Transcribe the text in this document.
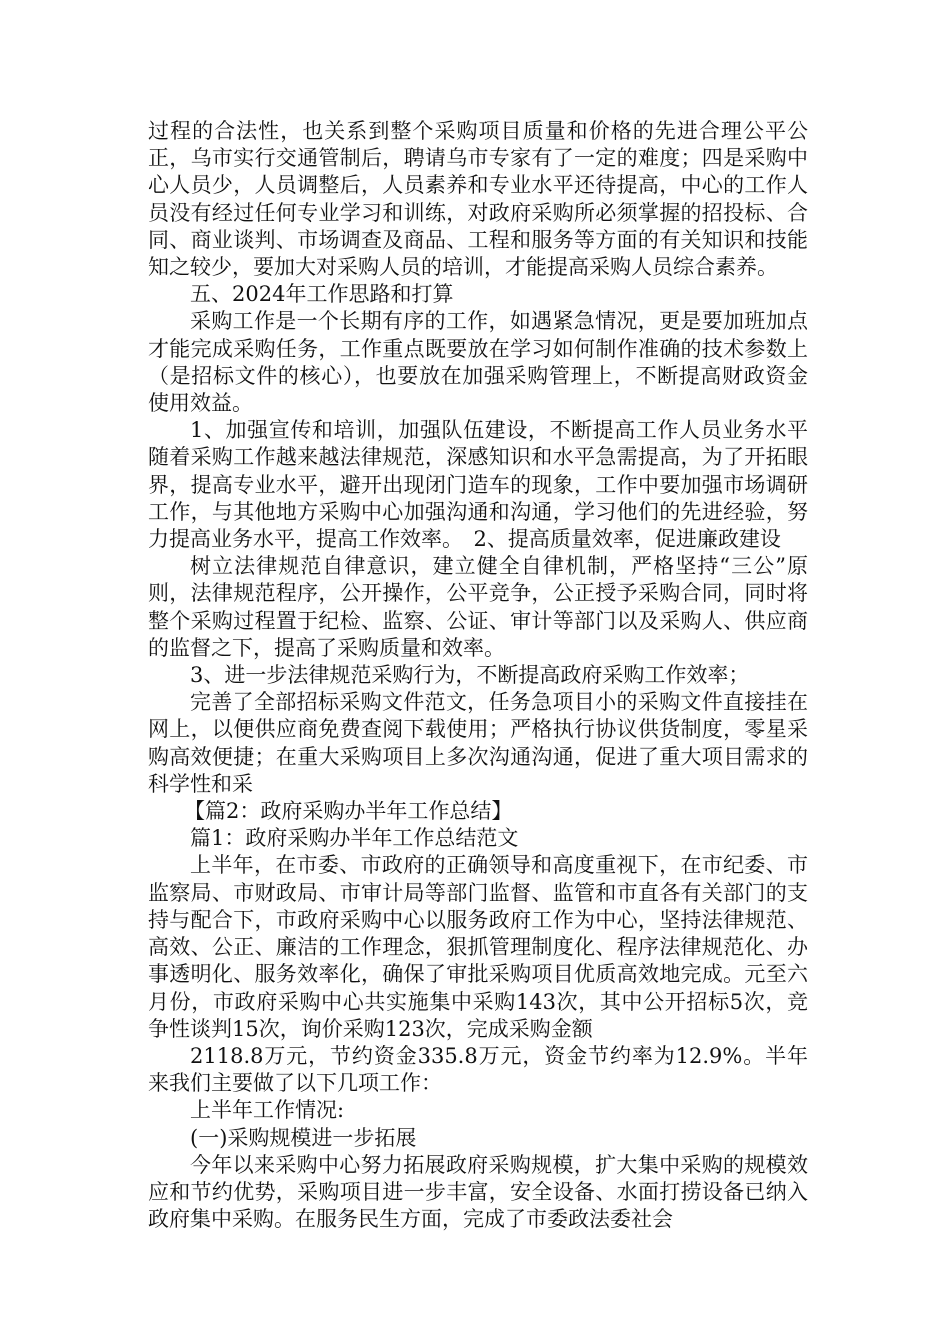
过程的合法性，也关系到整个采购项目质量和价格的先进合理公平公正，乌市实行交通管制后，聘请乌市专家有了一定的难度；四是采购中心人员少，人员调整后，人员素养和专业水平还待提高，中心的工作人员没有经过任何专业学习和训练，对政府采购所必须掌握的招投标、合同、商业谈判、市场调查及商品、工程和服务等方面的有关知识和技能知之较少，要加大对采购人员的培训，才能提高采购人员综合素养。

五、2024年工作思路和打算

采购工作是一个长期有序的工作，如遇紧急情况，更是要加班加点才能完成采购任务，工作重点既要放在学习如何制作准确的技术参数上（是招标文件的核心），也要放在加强采购管理上，不断提高财政资金使用效益。

1、加强宣传和培训，加强队伍建设，不断提高工作人员业务水平 随着采购工作越来越法律规范，深感知识和水平急需提高，为了开拓眼界，提高专业水平，避开出现闭门造车的现象，工作中要加强市场调研工作，与其他地方采购中心加强沟通和沟通，学习他们的先进经验，努力提高业务水平，提高工作效率。　2、提高质量效率，促进廉政建设

树立法律规范自律意识，建立健全自律机制，严格坚持“三公”原则，法律规范程序，公开操作，公平竞争，公正授予采购合同，同时将整个采购过程置于纪检、监察、公证、审计等部门以及采购人、供应商的监督之下，提高了采购质量和效率。

3、进一步法律规范采购行为，不断提高政府采购工作效率；

完善了全部招标采购文件范文，任务急项目小的采购文件直接挂在网上，以便供应商免费查阅下载使用；严格执行协议供货制度，零星采购高效便捷；在重大采购项目上多次沟通沟通，促进了重大项目需求的科学性和采

【篇2：政府采购办半年工作总结】

篇1：政府采购办半年工作总结范文

上半年，在市委、市政府的正确领导和高度重视下，在市纪委、市监察局、市财政局、市审计局等部门监督、监管和市直各有关部门的支持与配合下，市政府采购中心以服务政府工作为中心，坚持法律规范、高效、公正、廉洁的工作理念，狠抓管理制度化、程序法律规范化、办事透明化、服务效率化，确保了审批采购项目优质高效地完成。元至六月份，市政府采购中心共实施集中采购143次，其中公开招标5次，竞争性谈判15次，询价采购123次，完成采购金额

2118.8万元，节约资金335.8万元，资金节约率为12.9%。半年来我们主要做了以下几项工作：

上半年工作情况:

(一)采购规模进一步拓展

今年以来采购中心努力拓展政府采购规模，扩大集中采购的规模效应和节约优势，采购项目进一步丰富，安全设备、水面打捞设备已纳入政府集中采购。在服务民生方面，完成了市委政法委社会
